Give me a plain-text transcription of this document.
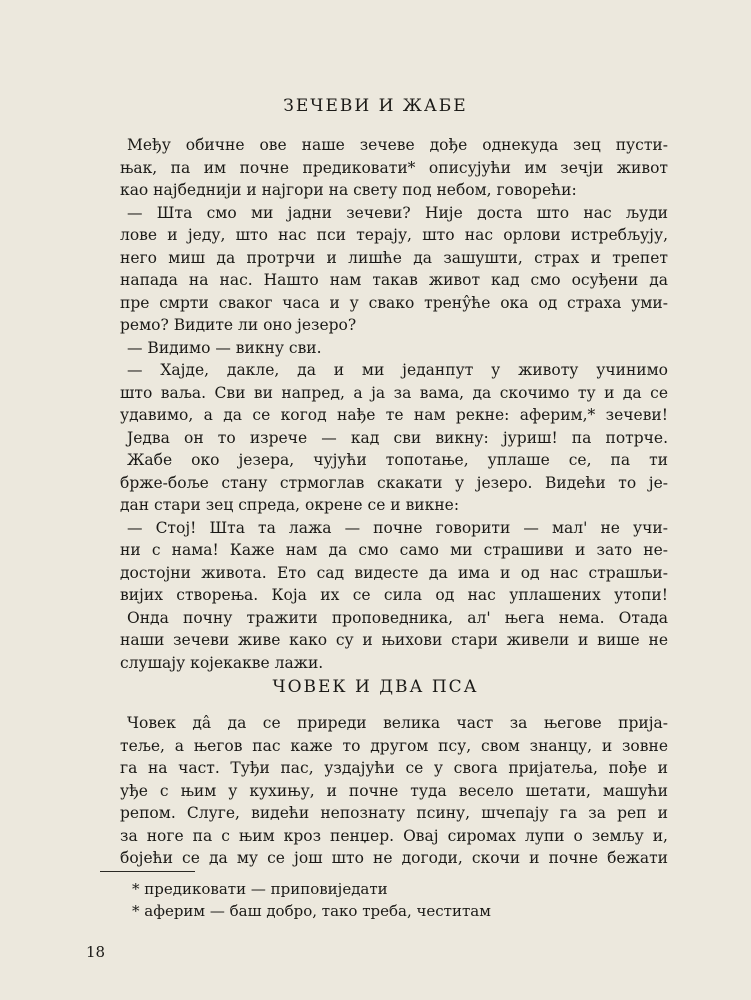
ЗЕЧЕВИ И ЖАБЕ
Међу обичне ове наше зечеве дође однекуда зец пусти-
њак, па им почне предиковати* описујући им зечји живот
као најбеднији и најгори на свету под небом, говорећи:
— Шта смо ми јадни зечеви? Није доста што нас људи
лове и једу, што нас пси терају, што нас орлови истребљују,
него миш да протрчи и лишће да зашушти, страх и трепет
напада на нас. Нашто нам такав живот кад смо осуђени да
пре смрти сваког часа и у свако трену̂ће ока од страха уми-
ремо? Видите ли оно језеро?
— Видимо — викну сви.
— Хајде, дакле, да и ми једанпут у животу учинимо
што ваља. Сви ви напред, а ја за вама, да скочимо ту и да се
удавимо, а да се когод нађе те нам рекне: аферим,* зечеви!
Једва он то изрече — кад сви викну: јуриш! па потрче.
Жабе око језера, чујући топотање, уплаше се, па ти
брже-боље стану стрмоглав скакати у језеро. Видећи то је-
дан стари зец спреда, окрене се и викне:
— Стој! Шта та лажа — почне говорити — мал' не учи-
ни с нама! Каже нам да смо само ми страшиви и зато не-
достојни живота. Ето сад видесте да има и од нас страшљи-
вијих створења. Која их се сила од нас уплашених утопи!
Онда почну тражити проповедника, ал' њега нема. Отада
наши зечеви живе како су и њихови стари живели и више не
слушају којекакве лажи.
ЧОВЕК И ДВА ПСА
Човек да̂ да се приреди велика част за његове прија-
теље, а његов пас каже то другом псу, свом знанцу, и зовне
га на част. Туђи пас, уздајући се у свога пријатеља, пође и
уђе с њим у кухињу, и почне туда весело шетати, машући
репом. Слуге, видећи непознату псину, шчепају га за реп и
за ноге па с њим кроз пенџер. Овај сиромах лупи о земљу и,
бојећи се да му се још што не догоди, скочи и почне бежати
* предиковати — приповиједати
* аферим — баш добро, тако треба, честитам
18
